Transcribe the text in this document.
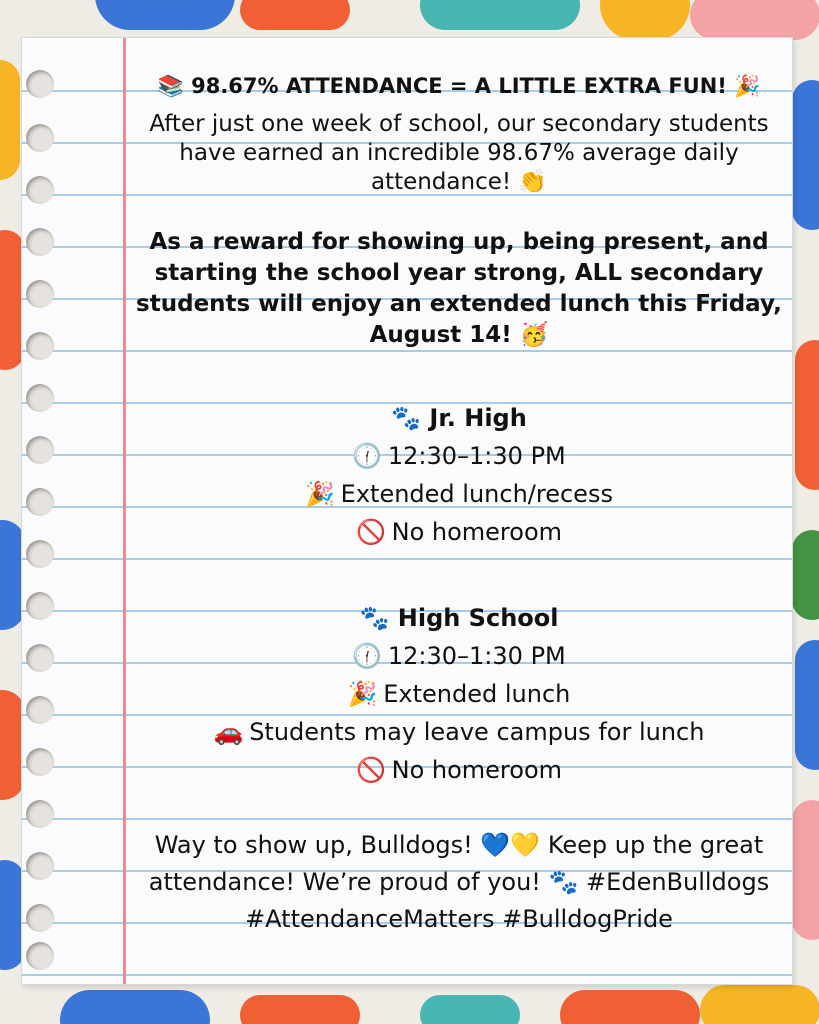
📚 98.67% ATTENDANCE = A LITTLE EXTRA FUN! 🎉
After just one week of school, our secondary students have earned an incredible 98.67% average daily attendance! 👏
As a reward for showing up, being present, and starting the school year strong, ALL secondary students will enjoy an extended lunch this Friday, August 14! 🥳
🐾 Jr. High
🕧 12:30–1:30 PM
🎉 Extended lunch/recess
🚫 No homeroom
🐾 High School
🕧 12:30–1:30 PM
🎉 Extended lunch
🚗 Students may leave campus for lunch
🚫 No homeroom
Way to show up, Bulldogs! 💙💛 Keep up the great attendance! We’re proud of you! 🐾 #EdenBulldogs #AttendanceMatters #BulldogPride
